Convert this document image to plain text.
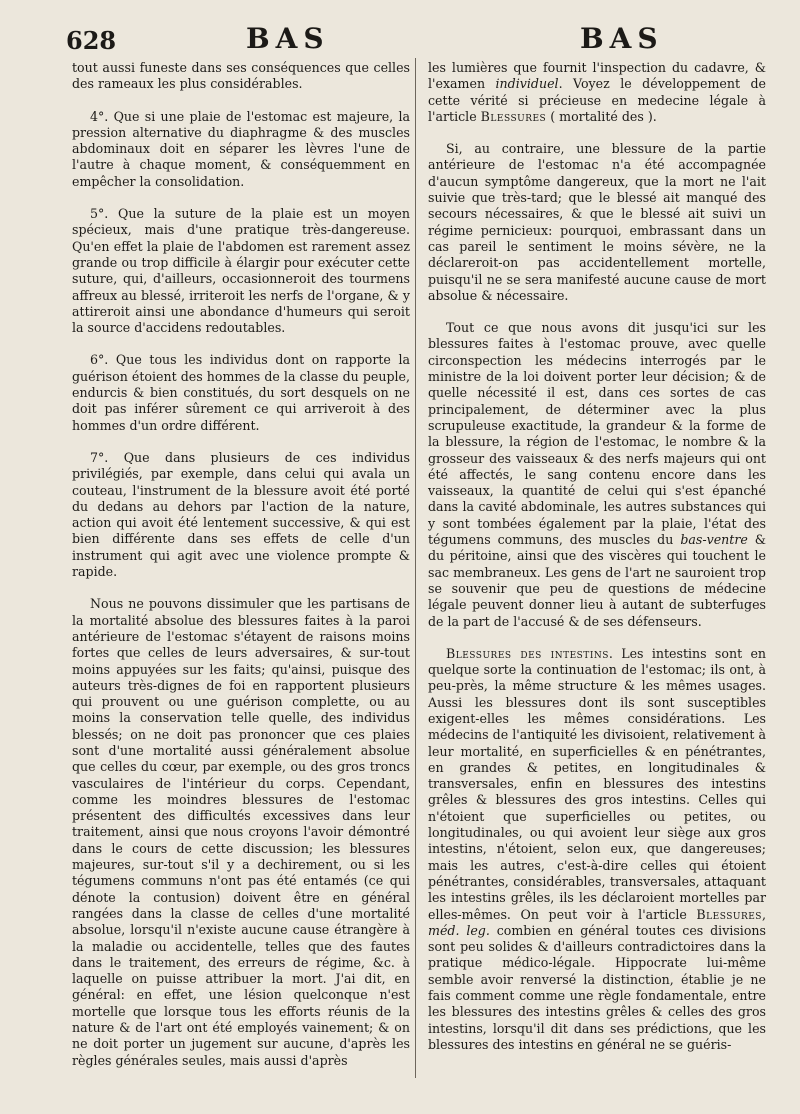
628	BAS	BAS

tout aussi funeste dans ses conséquences que celles des rameaux les plus considérables.

4°. Que si une plaie de l'estomac est majeure, la pression alternative du diaphragme & des muscles abdominaux doit en séparer les lèvres l'une de l'autre à chaque moment, & conséquemment en empêcher la consolidation.

5°. Que la suture de la plaie est un moyen spécieux, mais d'une pratique très-dangereuse. Qu'en effet la plaie de l'abdomen est rarement assez grande ou trop difficile à élargir pour exécuter cette suture, qui, d'ailleurs, occasionneroit des tourmens affreux au blessé, irriteroit les nerfs de l'organe, & y attireroit ainsi une abondance d'humeurs qui seroit la source d'accidens redoutables.

6°. Que tous les individus dont on rapporte la guérison étoient des hommes de la classe du peuple, endurcis & bien constitués, du sort desquels on ne doit pas inférer sûrement ce qui arriveroit à des hommes d'un ordre différent.

7°. Que dans plusieurs de ces individus privilégiés, par exemple, dans celui qui avala un couteau, l'instrument de la blessure avoit été porté du dedans au dehors par l'action de la nature, action qui avoit été lentement successive, & qui est bien différente dans ses effets de celle d'un instrument qui agit avec une violence prompte & rapide.

Nous ne pouvons dissimuler que les partisans de la mortalité absolue des blessures faites à la paroi antérieure de l'estomac s'étayent de raisons moins fortes que celles de leurs adversaires, & sur-tout moins appuyées sur les faits; qu'ainsi, puisque des auteurs très-dignes de foi en rapportent plusieurs qui prouvent ou une guérison complette, ou au moins la conservation telle quelle, des individus blessés; on ne doit pas prononcer que ces plaies sont d'une mortalité aussi généralement absolue que celles du cœur, par exemple, ou des gros troncs vasculaires de l'intérieur du corps. Cependant, comme les moindres blessures de l'estomac présentent des difficultés excessives dans leur traitement, ainsi que nous croyons l'avoir démontré dans le cours de cette discussion; les blessures majeures, sur-tout s'il y a dechirement, ou si les tégumens communs n'ont pas été entamés (ce qui dénote la contusion) doivent être en général rangées dans la classe de celles d'une mortalité absolue, lorsqu'il n'existe aucune cause étrangère à la maladie ou accidentelle, telles que des fautes dans le traitement, des erreurs de régime, &c. à laquelle on puisse attribuer la mort. J'ai dit, en général: en effet, une lésion quelconque n'est mortelle que lorsque tous les efforts réunis de la nature & de l'art ont été employés vainement; & on ne doit porter un jugement sur aucune, d'après les règles générales seules, mais aussi d'après

les lumières que fournit l'inspection du cadavre, & l'examen individuel. Voyez le développement de cette vérité si précieuse en medecine légale à l'article Blessures ( mortalité des ).

Si, au contraire, une blessure de la partie antérieure de l'estomac n'a été accompagnée d'aucun symptôme dangereux, que la mort ne l'ait suivie que très-tard; que le blessé ait manqué des secours nécessaires, & que le blessé ait suivi un régime pernicieux: pourquoi, embrassant dans un cas pareil le sentiment le moins sévère, ne la déclareroit-on pas accidentellement mortelle, puisqu'il ne se sera manifesté aucune cause de mort absolue & nécessaire.

Tout ce que nous avons dit jusqu'ici sur les blessures faites à l'estomac prouve, avec quelle circonspection les médecins interrogés par le ministre de la loi doivent porter leur décision; & de quelle nécessité il est, dans ces sortes de cas principalement, de déterminer avec la plus scrupuleuse exactitude, la grandeur & la forme de la blessure, la région de l'estomac, le nombre & la grosseur des vaisseaux & des nerfs majeurs qui ont été affectés, le sang contenu encore dans les vaisseaux, la quantité de celui qui s'est épanché dans la cavité abdominale, les autres substances qui y sont tombées également par la plaie, l'état des tégumens communs, des muscles du bas-ventre & du péritoine, ainsi que des viscères qui touchent le sac membraneux. Les gens de l'art ne sauroient trop se souvenir que peu de questions de médecine légale peuvent donner lieu à autant de subterfuges de la part de l'accusé & de ses défenseurs.

Blessures des intestins. Les intestins sont en quelque sorte la continuation de l'estomac; ils ont, à peu-près, la même structure & les mêmes usages. Aussi les blessures dont ils sont susceptibles exigent-elles les mêmes considérations. Les médecins de l'antiquité les divisoient, relativement à leur mortalité, en superficielles & en pénétrantes, en grandes & petites, en longitudinales & transversales, enfin en blessures des intestins grêles & blessures des gros intestins. Celles qui n'étoient que superficielles ou petites, ou longitudinales, ou qui avoient leur siège aux gros intestins, n'étoient, selon eux, que dangereuses; mais les autres, c'est-à-dire celles qui étoient pénétrantes, considérables, transversales, attaquant les intestins grêles, ils les déclaroient mortelles par elles-mêmes. On peut voir à l'article Blessures, méd. leg. combien en général toutes ces divisions sont peu solides & d'ailleurs contradictoires dans la pratique médico-légale. Hippocrate lui-même semble avoir renversé la distinction, établie je ne fais comment comme une règle fondamentale, entre les blessures des intestins grêles & celles des gros intestins, lorsqu'il dit dans ses prédictions, que les blessures des intestins en général ne se guéris-
